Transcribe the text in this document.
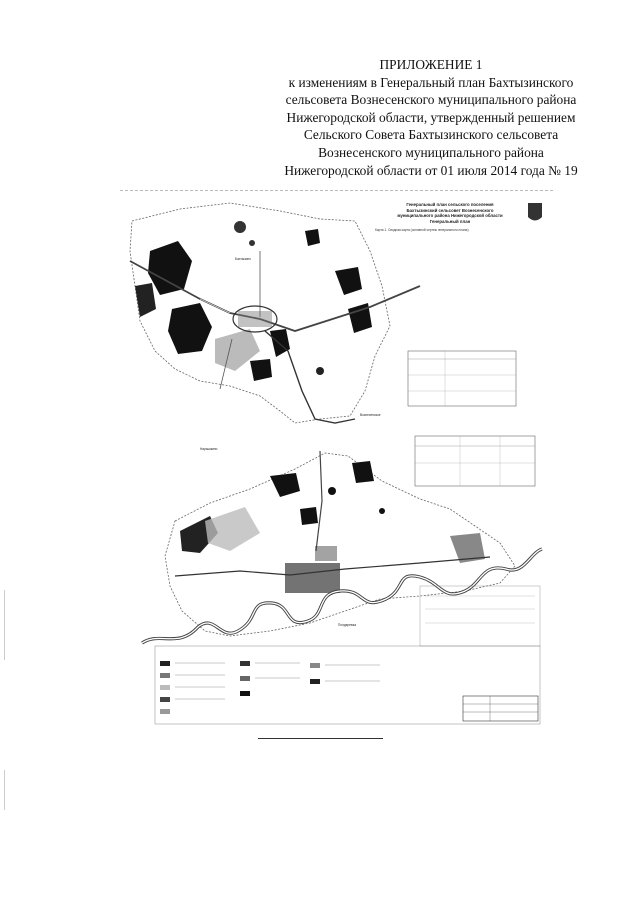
ПРИЛОЖЕНИЕ 1
к изменениям в Генеральный план Бахтызинского
сельсовета Вознесенского муниципального района
Нижегородской области, утвержденный решением
Сельского Совета Бахтызинского сельсовета
Вознесенского муниципального района
Нижегородской области от 01 июля 2014 года № 19
Генеральный план сельского поселения
Бахтызинский сельсовет Вознесенского
муниципального района Нижегородской области
Генеральный план
Карта 1. Сводная карта (основной чертеж генерального плана)
Бахтызино
Вознесенское
Нарышкино
Полдеревка
